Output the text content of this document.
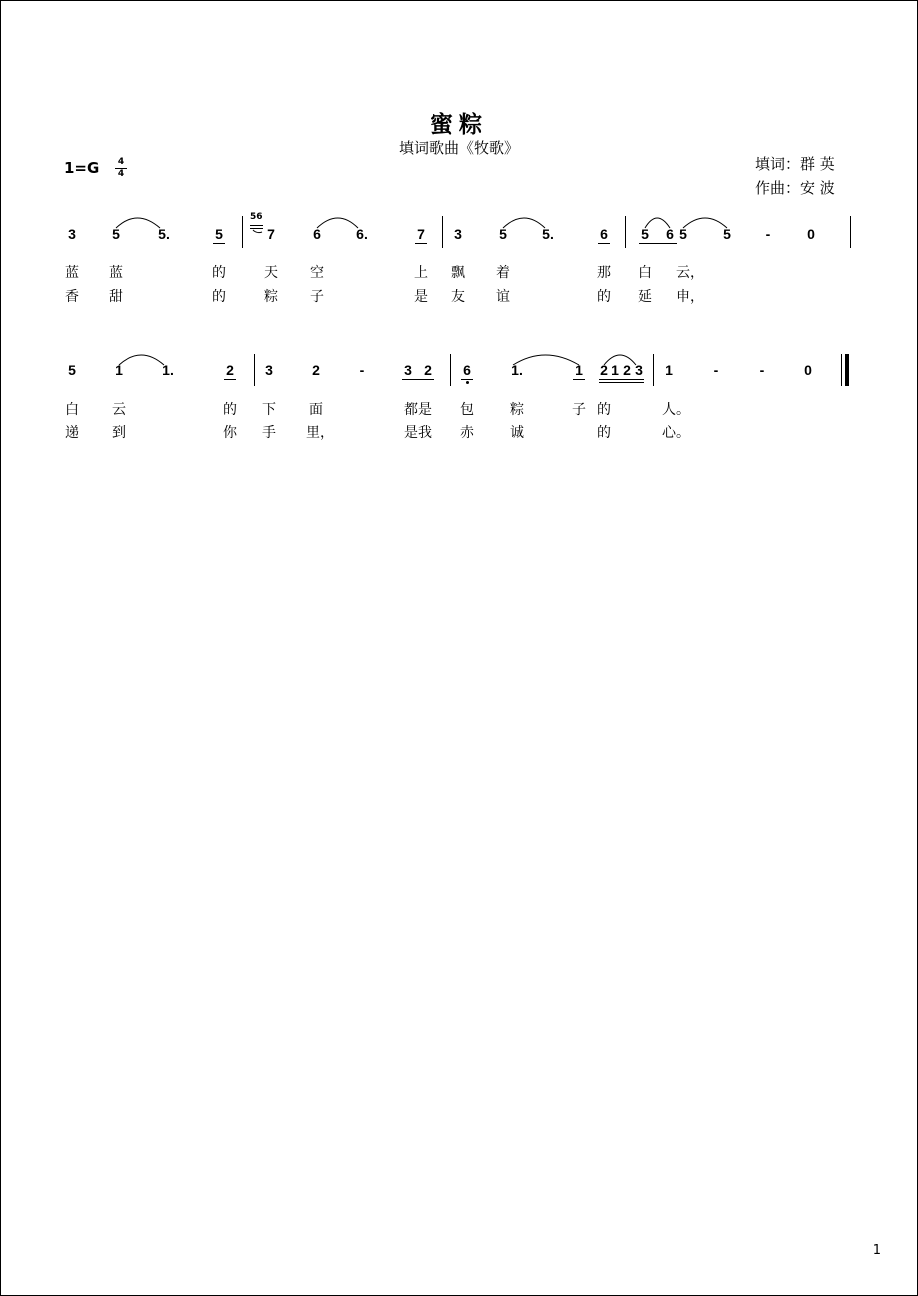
蜜粽
填词歌曲《牧歌》
$1=G \frac{4}{4}$	填词：群 英
作曲：安 波
3	5	5.	5
56
7	6	6.	7 3	5	5.	6 5 6 5	5 -	0
蓝 蓝	的	天 空	上 飘 着	那 白 云，
香 甜	的	粽 子	是 友 谊	的 延 申，
5	1	1.	2 3	2	-	3 2 6	1.	1 2 1 2 3 1	-	-	0
白 云	的 下 面	都是 包	粽	子 的	人。
递 到	你 手 里，	是我 赤	诚	的	心。
1
